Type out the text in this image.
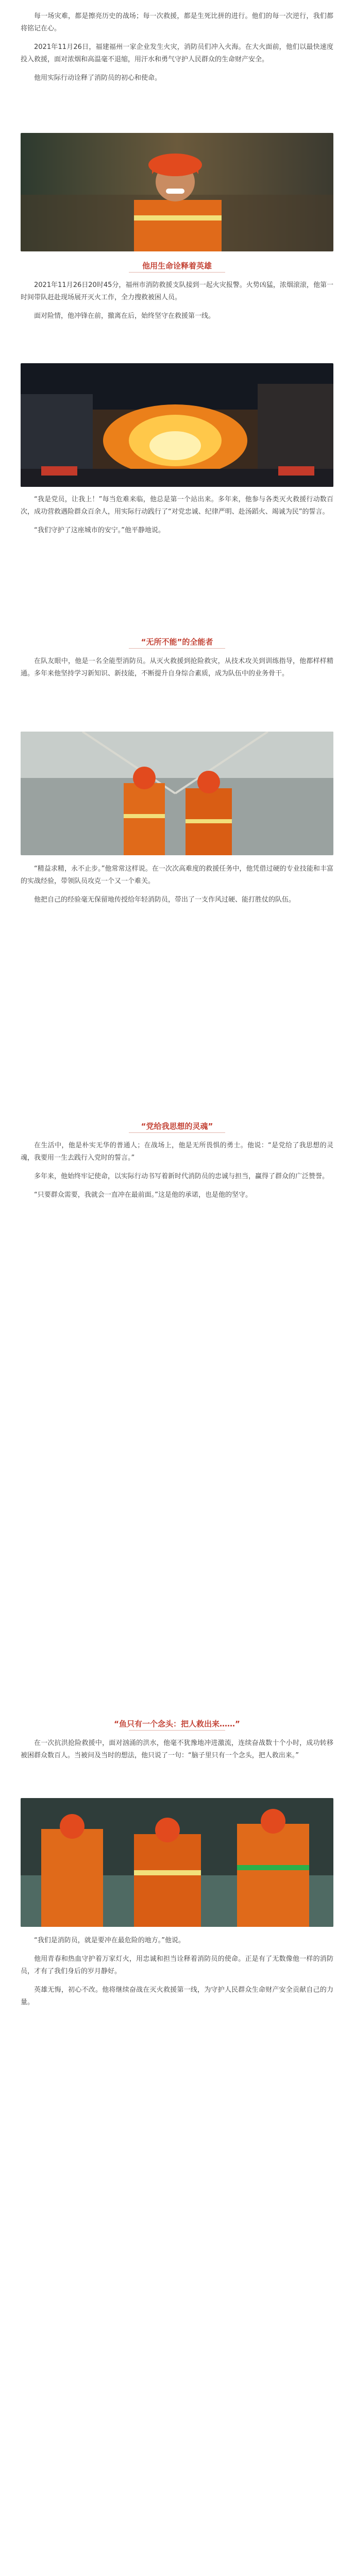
每一场灾难，都是擦亮历史的战场；每一次救援，都是生死比拼的进行。他们的每一次逆行，我们都将铭记在心。

2021年11月26日，福建福州一家企业发生火灾，消防员们冲入火海。在大火面前，他们以最快速度投入救援，面对浓烟和高温毫不退缩，用汗水和勇气守护人民群众的生命财产安全。

他用实际行动诠释了消防员的初心和使命。

他用生命诠释着英雄

2021年11月26日20时45分，福州市消防救援支队接到一起火灾报警。火势凶猛，浓烟滚滚，他第一时间带队赶赴现场展开灭火工作，全力搜救被困人员。

面对险情，他冲锋在前，撤离在后，始终坚守在救援第一线。

“我是党员，让我上！”每当危难来临，他总是第一个站出来。多年来，他参与各类灭火救援行动数百次，成功营救遇险群众百余人，用实际行动践行了“对党忠诚、纪律严明、赴汤蹈火、竭诚为民”的誓言。

“我们守护了这座城市的安宁。”他平静地说。

“无所不能”的全能者

在队友眼中，他是一名全能型消防员。从灭火救援到抢险救灾，从技术攻关到训练指导，他都样样精通。多年来他坚持学习新知识、新技能，不断提升自身综合素质，成为队伍中的业务骨干。

“精益求精，永不止步。”他常常这样说。在一次次高难度的救援任务中，他凭借过硬的专业技能和丰富的实战经验，带领队员攻克一个又一个难关。

他把自己的经验毫无保留地传授给年轻消防员，带出了一支作风过硬、能打胜仗的队伍。

“党给我思想的灵魂”

在生活中，他是朴实无华的普通人；在战场上，他是无所畏惧的勇士。他说：“是党给了我思想的灵魂，我要用一生去践行入党时的誓言。”

多年来，他始终牢记使命，以实际行动书写着新时代消防员的忠诚与担当，赢得了群众的广泛赞誉。

“只要群众需要，我就会一直冲在最前面。”这是他的承诺，也是他的坚守。

“鱼只有一个念头：把人救出来……”

在一次抗洪抢险救援中，面对汹涌的洪水，他毫不犹豫地冲进激流，连续奋战数十个小时，成功转移被困群众数百人。当被问及当时的想法，他只说了一句：“脑子里只有一个念头，把人救出来。”

“我们是消防员，就是要冲在最危险的地方。”他说。

他用青春和热血守护着万家灯火，用忠诚和担当诠释着消防员的使命。正是有了无数像他一样的消防员，才有了我们身后的岁月静好。

英雄无悔，初心不改。他将继续奋战在灭火救援第一线，为守护人民群众生命财产安全贡献自己的力量。
